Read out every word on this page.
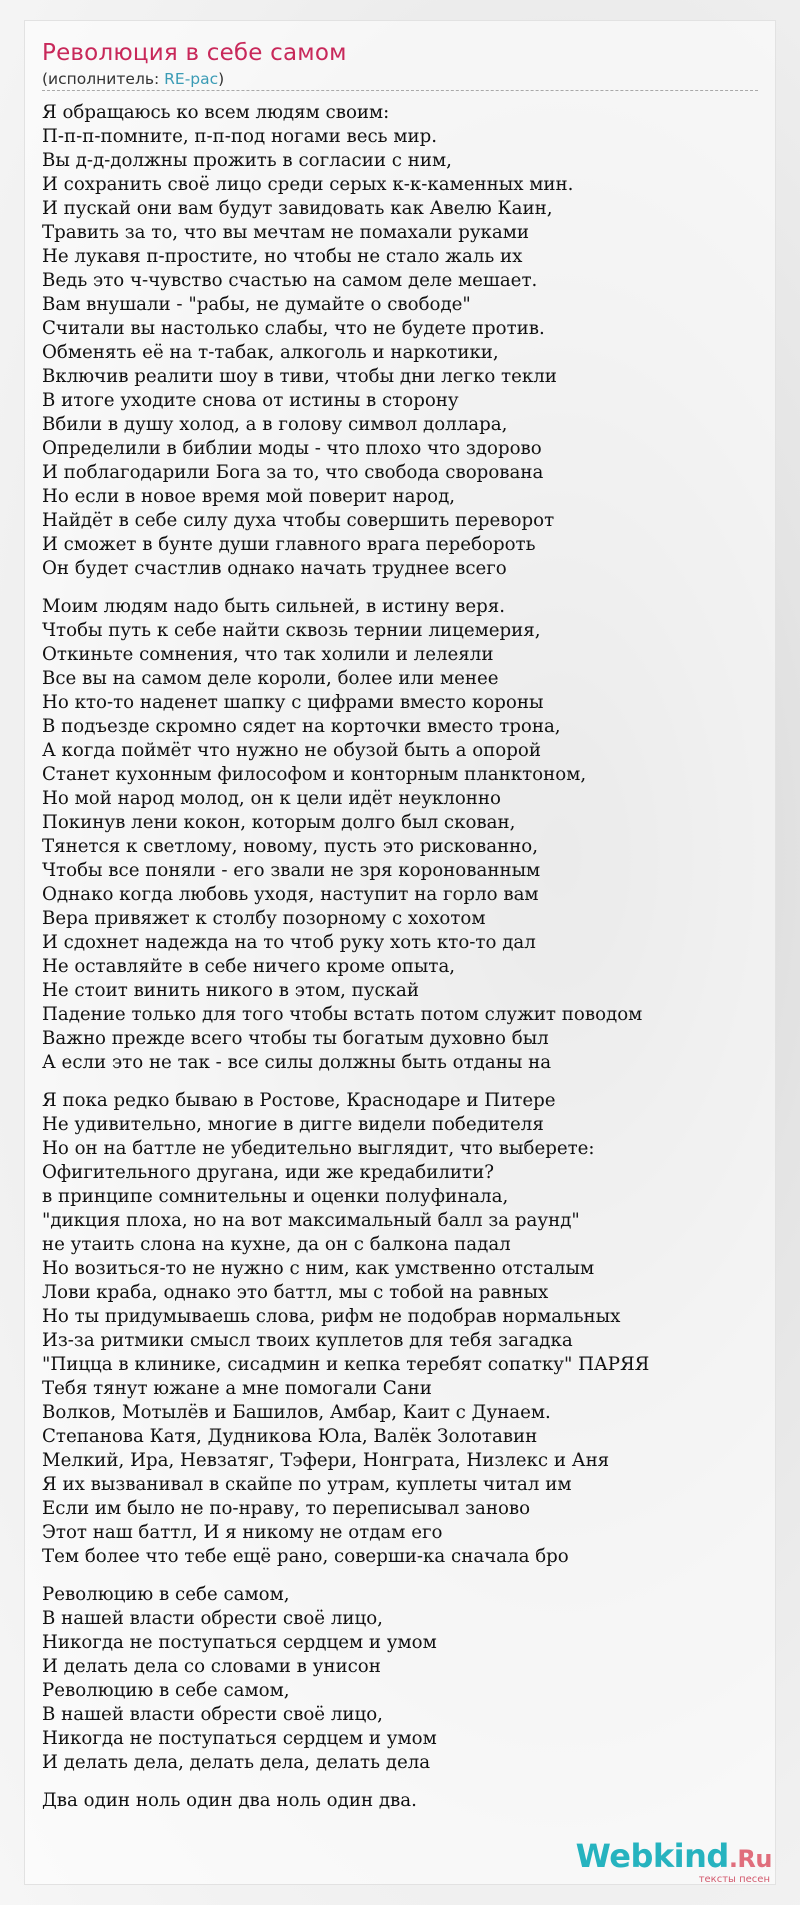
Революция в себе самом
(исполнитель: RE-pac)
Я обращаюсь ко всем людям своим:
П-п-п-помните, п-п-под ногами весь мир.
Вы д-д-должны прожить в согласии с ним,
И сохранить своё лицо среди серых к-к-каменных мин.
И пускай они вам будут завидовать как Авелю Каин,
Травить за то, что вы мечтам не помахали руками
Не лукавя п-простите, но чтобы не стало жаль их
Ведь это ч-чувство счастью на самом деле мешает.
Вам внушали - "рабы, не думайте о свободе"
Считали вы настолько слабы, что не будете против.
Обменять её на т-табак, алкоголь и наркотики,
Включив реалити шоу в тиви, чтобы дни легко текли
В итоге уходите снова от истины в сторону
Вбили в душу холод, а в голову символ доллара,
Определили в библии моды - что плохо что здорово
И поблагодарили Бога за то, что свобода своpована
Но если в новое время мой поверит народ,
Найдёт в себе силу духа чтобы совершить переворот
И сможет в бунте души главного врага перебороть
Он будет счастлив однако начать труднее всего
Моим людям надо быть сильней, в истину веря.
Чтобы путь к себе найти сквозь тернии лицемерия,
Откиньте сомнения, что так холили и лелеяли
Все вы на самом деле короли, более или менее
Но кто-то наденет шапку с цифрами вместо короны
В подъезде скромно сядет на корточки вместо трона,
А когда поймёт что нужно не обузой быть а опорой
Станет кухонным философом и конторным планктоном,
Но мой народ молод, он к цели идёт неуклонно
Покинув лени кокон, которым долго был скован,
Тянется к светлому, новому, пусть это рискованно,
Чтобы все поняли - его звали не зря коронованным
Однако когда любовь уходя, наступит на горло вам
Вера привяжет к столбу позорному с хохотом
И сдохнет надежда на то чтоб руку хоть кто-то дал
Не оставляйте в себе ничего кроме опыта,
Не стоит винить никого в этом, пускай
Падение только для того чтобы встать потом служит поводом
Важно прежде всего чтобы ты богатым духовно был
А если это не так - все силы должны быть отданы на
Я пока редко бываю в Ростове, Краснодаре и Питере
Не удивительно, многие в дигге видели победителя
Но он на баттле не убедительно выглядит, что выберете:
Офигительного другана, иди же кредабилити?
в принципе сомнительны и оценки полуфинала,
"дикция плоха, но на вот максимальный балл за раунд"
не утаить слона на кухне, да он с балкона падал
Но возиться-то не нужно с ним, как умственно отсталым
Лови краба, однако это баттл, мы с тобой на равных
Но ты придумываешь слова, рифм не подобрав нормальных
Из-за ритмики смысл твоих куплетов для тебя загадка
"Пицца в клинике, сисадмин и кепка теребят сопатку" ПАРЯЯ
Тебя тянут южане а мне помогали Сани
Волков, Мотылёв и Башилов, Амбар, Каит с Дунаем.
Степанова Катя, Дудникова Юла, Валёк Золотавин
Мелкий, Ира, Невзатяг, Тэфери, Нонграта, Низлекс и Аня
Я их вызванивал в скайпе по утрам, куплеты читал им
Если им было не по-нраву, то переписывал заново
Этот наш баттл, И я никому не отдам его
Тем более что тебе ещё рано, соверши-ка сначала бро
Революцию в себе самом,
В нашей власти обрести своё лицо,
Никогда не поступаться сердцем и умом
И делать дела со словами в унисон
Революцию в себе самом,
В нашей власти обрести своё лицо,
Никогда не поступаться сердцем и умом
И делать дела, делать дела, делать дела
Два один ноль один два ноль один два.
Webkind.Ru
тексты песен
